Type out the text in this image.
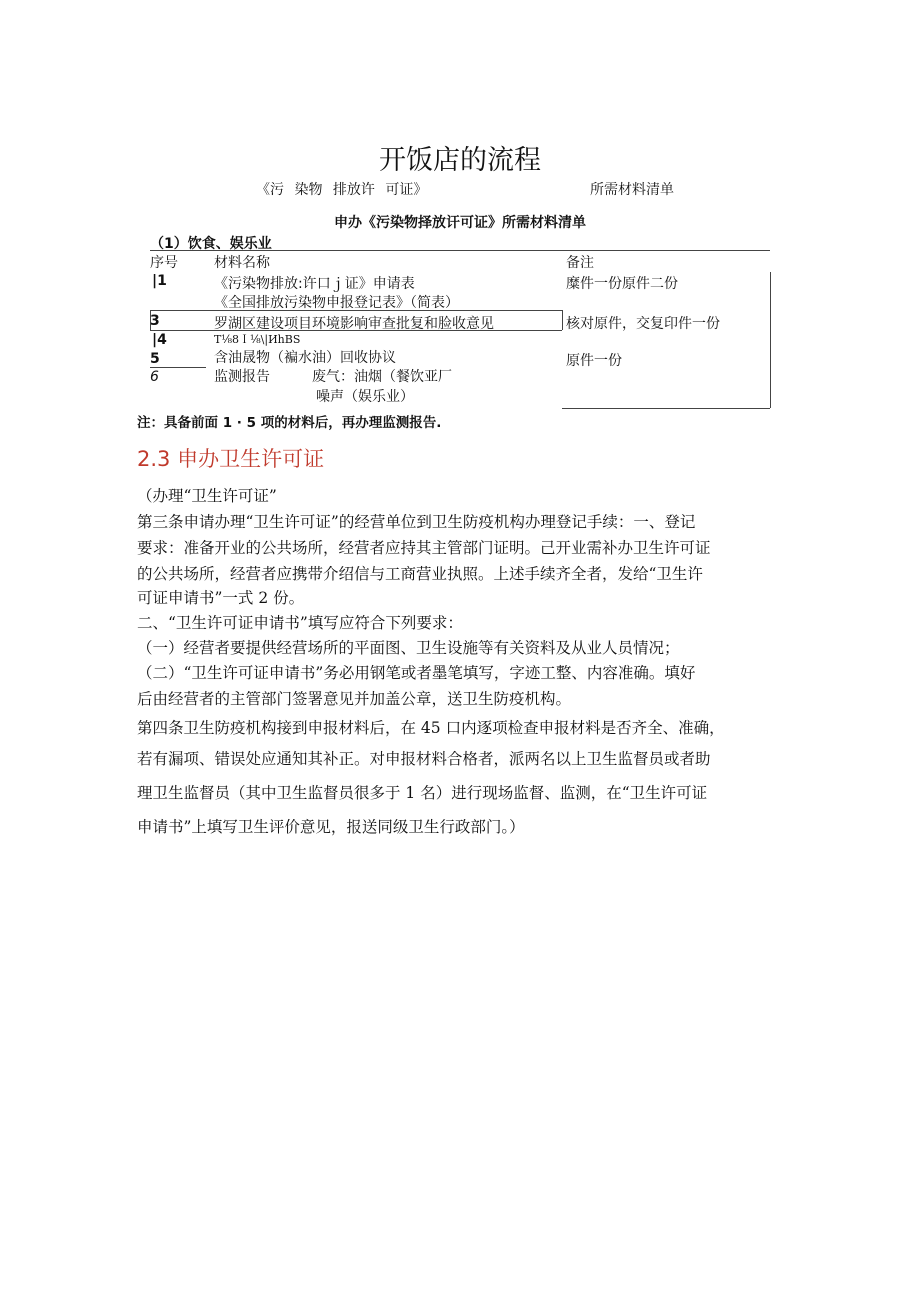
开饭店的流程
《污 染物 排放许 可证》	所需材料清单
申办《污染物择放讦可证》所需材料清单
（1）饮食、娱乐业
序号	材料名称	备注
|1	《污染物排放:许口ｊ证》申请表	糜件一份原件二份
《全国排放污染物申报登记表》（简表）
3	罗湖区建设项目环境影响审查批复和脸收意见	核对原件，交复印件一份
|4	T⅛8Ｉ⅛\|ИhBS
5	含油晟物（褊水油）回收协议	原件一份
6	监测报告	废气：油烟（餐饮亚厂
噪声（娱乐业）
注：具备前面 1 · 5 项的材料后，再办理监测报告.
2.3 申办卫生许可证
（办理“卫生许可证”
第三条申请办理“卫生许可证”的经营单位到卫生防疫机构办理登记手续：一、登记
要求：准备开业的公共场所，经营者应持其主管部门证明。己开业需补办卫生许可证
的公共场所，经营者应携带介绍信与工商营业执照。上述手续齐全者，发给“卫生许
可证申请书”一式 2 份。
二、“卫生许可证申请书”填写应符合下列要求：
（一）经营者要提供经营场所的平面图、卫生设施等有关资料及从业人员情况；
（二）“卫生许可证申请书”务必用钢笔或者墨笔填写，字迹工整、内容准确。填好
后由经营者的主管部门签署意见并加盖公章，送卫生防疫机构。
第四条卫生防疫机构接到申报材料后，在 45 口内逐项检查申报材料是否齐全、准确，
若有漏项、错误处应通知其补正。对申报材料合格者，派两名以上卫生监督员或者助
理卫生监督员（其中卫生监督员很多于 1 名）进行现场监督、监测，在“卫生许可证
申请书”上填写卫生评价意见，报送同级卫生行政部门。）
